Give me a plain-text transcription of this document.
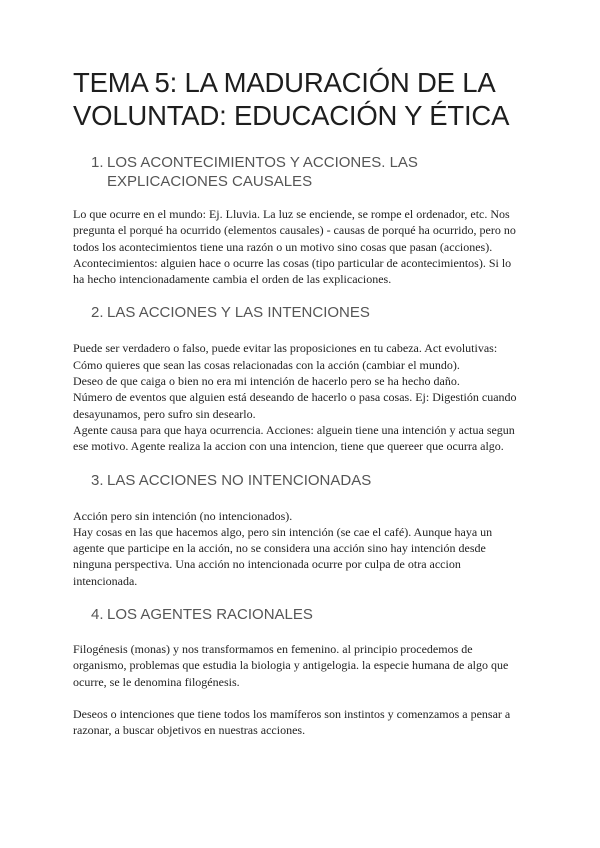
TEMA 5: LA MADURACIÓN DE LA
VOLUNTAD: EDUCACIÓN Y ÉTICA
1. LOS ACONTECIMIENTOS Y ACCIONES. LAS
EXPLICACIONES CAUSALES

Lo que ocurre en el mundo: Ej. Lluvia. La luz se enciende, se rompe el ordenador, etc. Nos
pregunta el porqué ha ocurrido (elementos causales) - causas de porqué ha ocurrido, pero no
todos los acontecimientos tiene una razón o un motivo sino cosas que pasan (acciones).
Acontecimientos: alguien hace o ocurre las cosas (tipo particular de acontecimientos). Si lo
ha hecho intencionadamente cambia el orden de las explicaciones.

2. LAS ACCIONES Y LAS INTENCIONES

Puede ser verdadero o falso, puede evitar las proposiciones en tu cabeza. Act evolutivas:
Cómo quieres que sean las cosas relacionadas con la acción (cambiar el mundo).
Deseo de que caiga o bien no era mi intención de hacerlo pero se ha hecho daño.
Número de eventos que alguien está deseando de hacerlo o pasa cosas. Ej: Digestión cuando
desayunamos, pero sufro sin desearlo.
Agente causa para que haya ocurrencia. Acciones: alguein tiene una intención y actua segun
ese motivo. Agente realiza la accion con una intencion, tiene que quereer que ocurra algo.

3. LAS ACCIONES NO INTENCIONADAS

Acción pero sin intención (no intencionados).
Hay cosas en las que hacemos algo, pero sin intención (se cae el café). Aunque haya un
agente que participe en la acción, no se considera una acción sino hay intención desde
ninguna perspectiva. Una acción no intencionada ocurre por culpa de otra accion
intencionada.

4. LOS AGENTES RACIONALES

Filogénesis (monas) y nos transformamos en femenino. al principio procedemos de
organismo, problemas que estudia la biologia y antigelogia. la especie humana de algo que
ocurre, se le denomina filogénesis.

Deseos o intenciones que tiene todos los mamíferos son instintos y comenzamos a pensar a
razonar, a buscar objetivos en nuestras acciones.
